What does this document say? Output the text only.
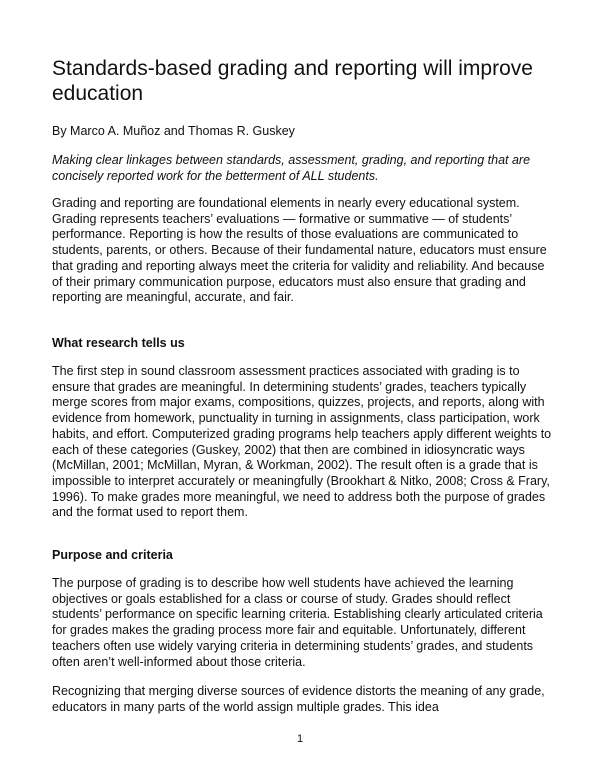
Standards-based grading and reporting will improve education

By Marco A. Muñoz and Thomas R. Guskey

Making clear linkages between standards, assessment, grading, and reporting that are concisely reported work for the betterment of ALL students.

Grading and reporting are foundational elements in nearly every educational system. Grading represents teachers’ evaluations — formative or summative — of students’ performance. Reporting is how the results of those evaluations are communicated to students, parents, or others. Because of their fundamental nature, educators must ensure that grading and reporting always meet the criteria for validity and reliability. And because of their primary communication purpose, educators must also ensure that grading and reporting are meaningful, accurate, and fair.

What research tells us

The first step in sound classroom assessment practices associated with grading is to ensure that grades are meaningful. In determining students’ grades, teachers typically merge scores from major exams, compositions, quizzes, projects, and reports, along with evidence from homework, punctuality in turning in assignments, class participation, work habits, and effort. Computerized grading programs help teachers apply different weights to each of these categories (Guskey, 2002) that then are combined in idiosyncratic ways (McMillan, 2001; McMillan, Myran, & Workman, 2002). The result often is a grade that is impossible to interpret accurately or meaningfully (Brookhart & Nitko, 2008; Cross & Frary, 1996). To make grades more meaningful, we need to address both the purpose of grades and the format used to report them.

Purpose and criteria

The purpose of grading is to describe how well students have achieved the learning objectives or goals established for a class or course of study. Grades should reflect students’ performance on specific learning criteria. Establishing clearly articulated criteria for grades makes the grading process more fair and equitable. Unfortunately, different teachers often use widely varying criteria in determining students’ grades, and students often aren’t well-informed about those criteria.

Recognizing that merging diverse sources of evidence distorts the meaning of any grade, educators in many parts of the world assign multiple grades. This idea

1
